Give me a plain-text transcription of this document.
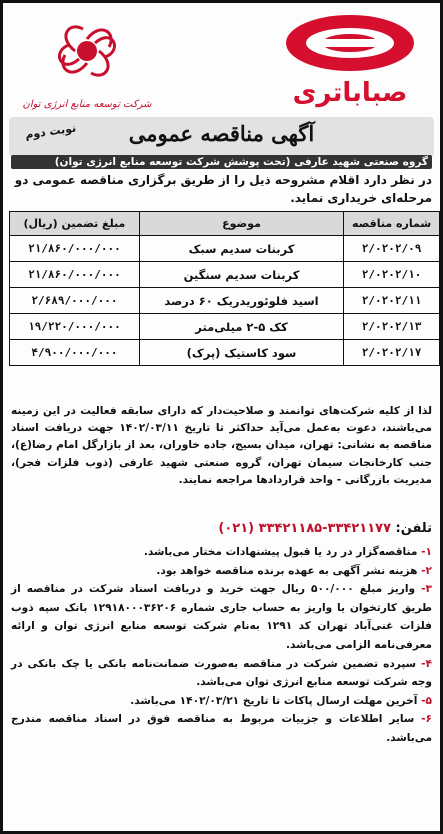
صباباتری
شرکت توسعه منابع انرژی توان
نوبت دوم	آگهی مناقصه عمومی
گروه صنعتی شهید عارفی (تحت پوشش شرکت توسعه منابع انرژی توان)
در نظر دارد اقلام مشروحه ذیل را از طریق برگزاری مناقصه عمومی دو مرحله‌ای خریداری نماید.
شماره مناقصه	موضوع	مبلغ تضمین (ریال)
۲/۰۲۰۲/۰۹	کربنات سدیم سبک	۲۱/۸۶۰/۰۰۰/۰۰۰
۲/۰۲۰۲/۱۰	کربنات سدیم سنگین	۲۱/۸۶۰/۰۰۰/۰۰۰
۲/۰۲۰۲/۱۱	اسید فلوئوریدریک ۶۰ درصد	۲/۶۸۹/۰۰۰/۰۰۰
۲/۰۲۰۲/۱۳	کک ۵-۲ میلی‌متر	۱۹/۲۲۰/۰۰۰/۰۰۰
۲/۰۲۰۲/۱۷	سود کاستیک (پرک)	۴/۹۰۰/۰۰۰/۰۰۰
لذا از کلیه شرکت‌های توانمند و صلاحیت‌دار که دارای سابقه فعالیت در این زمینه می‌باشند، دعوت به‌عمل می‌آید حداکثر تا تاریخ ۱۴۰۲/۰۳/۱۱ جهت دریافت اسناد مناقصه به نشانی: تهران، میدان بسیج، جاده خاوران، بعد از بازارگل امام رضا(ع)، جنب کارخانجات سیمان تهران، گروه صنعتی شهید عارفی (ذوب فلزات فجر)، مدیریت بازرگانی - واحد قراردادها مراجعه نمایند.
تلفن: ۳۳۴۲۱۱۷۷-۳۳۴۲۱۱۸۵ (۰۲۱)

۱- مناقصه‌گزار در رد یا قبول پیشنهادات مختار می‌باشد.

۲- هزینه نشر آگهی به عهده برنده مناقصه خواهد بود.

۳- واریز مبلغ ۵۰۰/۰۰۰ ریال جهت خرید و دریافت اسناد شرکت در مناقصه از طریق کارتخوان یا واریز به حساب جاری شماره ۱۲۹۱۸۰۰۰۳۶۲۰۶ بانک سپه ذوب فلزات غنی‌آباد تهران کد ۱۲۹۱ به‌نام شرکت توسعه منابع انرژی توان و ارائه معرفی‌نامه الزامی می‌باشد.

۴- سپرده تضمین شرکت در مناقصه به‌صورت ضمانت‌نامه بانکی یا چک بانکی در وجه شرکت توسعه منابع انرژی توان می‌باشد.

۵- آخرین مهلت ارسال پاکات تا تاریخ ۱۴۰۲/۰۳/۲۱ می‌باشد.

۶- سایر اطلاعات و جزییات مربوط به مناقصه فوق در اسناد مناقصه مندرج می‌باشد.
